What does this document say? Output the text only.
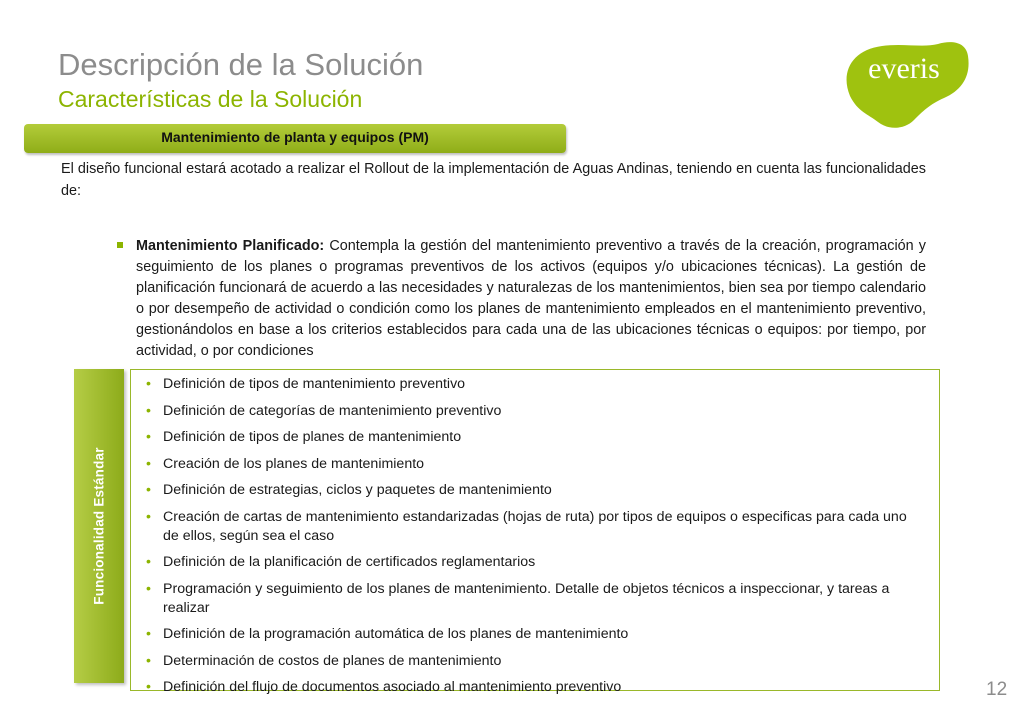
Descripción de la Solución
Características de la Solución
everis
Mantenimiento de planta y equipos (PM)
El diseño funcional estará acotado a realizar el Rollout de la implementación de Aguas Andinas, teniendo en cuenta las funcionalidades de:
Mantenimiento Planificado: Contempla la gestión del mantenimiento preventivo a través de la creación, programación y seguimiento de los planes o programas preventivos de los activos (equipos y/o ubicaciones técnicas). La gestión de planificación funcionará de acuerdo a las necesidades y naturalezas de los mantenimientos, bien sea por tiempo calendario o por desempeño de actividad o condición como los planes de mantenimiento empleados en el mantenimiento preventivo, gestionándolos en base a los criterios establecidos para cada una de las ubicaciones técnicas o equipos: por tiempo, por actividad, o por condiciones
Funcionalidad Estándar
• Definición de tipos de mantenimiento preventivo
• Definición de categorías de mantenimiento preventivo
• Definición de tipos de planes de mantenimiento
• Creación de los planes de mantenimiento
• Definición de estrategias, ciclos y paquetes de mantenimiento
• Creación de cartas de mantenimiento estandarizadas (hojas de ruta) por tipos de equipos o especificas para cada uno de ellos, según sea el caso
• Definición de la planificación de certificados reglamentarios
• Programación y seguimiento de los planes de mantenimiento. Detalle de objetos técnicos a inspeccionar, y tareas a realizar
• Definición de la programación automática de los planes de mantenimiento
• Determinación de costos de planes de mantenimiento
• Definición del flujo de documentos asociado al mantenimiento preventivo	12
